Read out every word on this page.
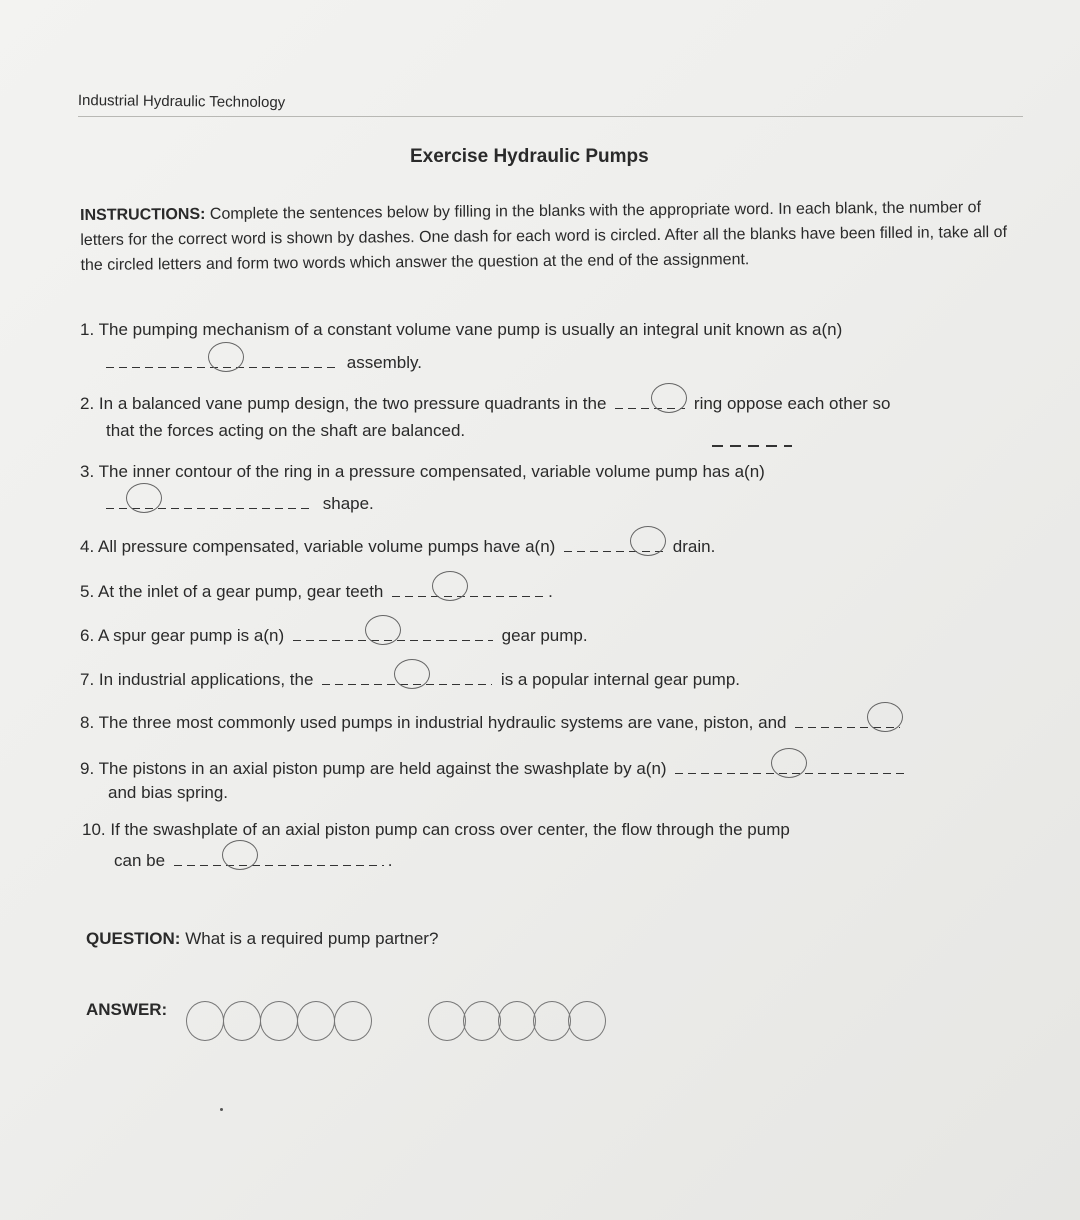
Industrial Hydraulic Technology
Exercise Hydraulic Pumps
INSTRUCTIONS: Complete the sentences below by filling in the blanks with the appropriate word. In each blank, the number of letters for the correct word is shown by dashes. One dash for each word is circled. After all the blanks have been filled in, take all of the circled letters and form two words which answer the question at the end of the assignment.
1. The pumping mechanism of a constant volume vane pump is usually an integral unit known as a(n)
assembly.
2. In a balanced vane pump design, the two pressure quadrants in the	ring oppose each other so
that the forces acting on the shaft are balanced.
3. The inner contour of the ring in a pressure compensated, variable volume pump has a(n)
shape.
4. All pressure compensated, variable volume pumps have a(n)	drain.
5. At the inlet of a gear pump, gear teeth	.
6. A spur gear pump is a(n)	gear pump.
7. In industrial applications, the	is a popular internal gear pump.
8. The three most commonly used pumps in industrial hydraulic systems are vane, piston, and
9. The pistons in an axial piston pump are held against the swashplate by a(n)
and bias spring.
10. If the swashplate of an axial piston pump can cross over center, the flow through the pump
can be	.
QUESTION: What is a required pump partner?
ANSWER:
